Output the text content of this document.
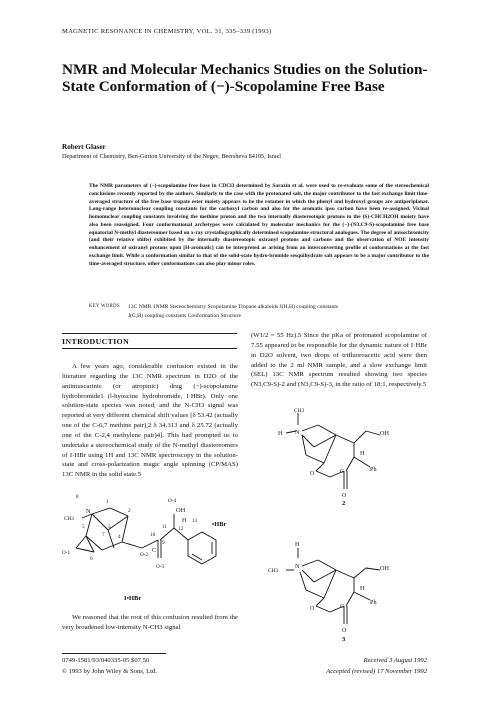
MAGNETIC RESONANCE IN CHEMISTRY, VOL. 31, 335–339 (1993)
NMR and Molecular Mechanics Studies on the Solution-State Conformation of (−)-Scopolamine Free Base
Robert Glaser
Department of Chemistry, Ben-Gurion University of the Negev, Beersheva 84105, Israel
The NMR parameters of (−)-scopolamine free base in CDCl3 determined by Sarazin et al. were used to re-evaluate some of the stereochemical conclusions recently reported by the authors. Similarly to the case with the protonated salt, the major contributor to the fast exchange limit time-averaged structure of the free base tropate ester moiety appears to be the rotamer in which the phenyl and hydroxyl groups are antiperiplanar. Long-range heteronuclear coupling constants for the carboxyl carbon and also for the aromatic ipso carbon have been re-assigned. Vicinal homonuclear coupling constants involving the methine proton and the two internally diastereotopic protons in the (S)-CHCH2OH moiety have also been reassigned. Four conformational archetypes were calculated by molecular mechanics for the (−)-(N3,C9-S)-scopolamine free base equatorial N-methyl diastereomer based on x-ray crystallographically determined scopolamine structural analogues. The degree of anisochronicity (and their relative shifts) exhibited by the internally diastereotopic oxiranyl protons and carbons and the observation of NOE intensity enhancement of oxiranyl protons upon [H-aromatic] can be interpreted as arising from an interconverting profile of conformations at the fast exchange limit. While a conformation similar to that of the solid-state hydro-bromide sesquihydrate salt appears to be a major contributor to the time-averaged structure, other conformations can also play minor roles.
KEY WORDS 13C NMR 1NMR Stereochemistry Scopolamine Tropane alkaloids J(H,H) coupling constants
J(C,H) coupling constants Conformation Structure
INTRODUCTION

A few years ago, considerable confusion existed in the literature regarding the 13C NMR spectrum in D2O of the antimuscarinic (or atropinic) drug (−)-scopolamine hydrobromide1 (l-hyoscine hydrobromide, I·HBr). Only one solution-state species was noted, and the N-CH3 signal was reported at very different chemical shift values [δ 53.42 (actually one of the C-6,7 methine pair),2 δ 34.313 and δ 25.72 (actually one of the C-2,4 methylene pair)4]. This had prompted us to undertake a stereochemical study of the N-methyl diastereomers of I·HBr using 1H and 13C NMR spectroscopy in the solution-state and cross-polarization magic angle spinning (CP/MAS) 13C NMR in the solid state.5

8
CH3
N
1
2
3
4
5
6
7
O-1	O-2
O-3
O-4
9
10
11 12
13
H
OH
C
•HBr
I•HBr

We reasoned that the root of this confusion resulted from the very broadened low-intensity N-CH3 signal

(W1/2 = 55 Hz).5 Since the pKa of protonated scopolamine of 7.55 appeared to be responsible for the dynamic nature of I·HBr in D2O solvent, two drops of trifluoroacetic acid were then added to the 2 ml NMR sample, and a slow exchange limit (SEL) 13C NMR spectrum resulted showing two species (N3,C9-S)-2 and (N3,C9-S)-3, in the ratio of 18:1, respectively.5

CH3
H N
O
O
C
OH
H
Ph
2
H
N
CH3
O
O
C
OH
H
Ph
3
0749-1581/93/040335-05 $07.50
© 1993 by John Wiley & Sons, Ltd.
Received 3 August 1992
Accepted (revised) 17 November 1992
